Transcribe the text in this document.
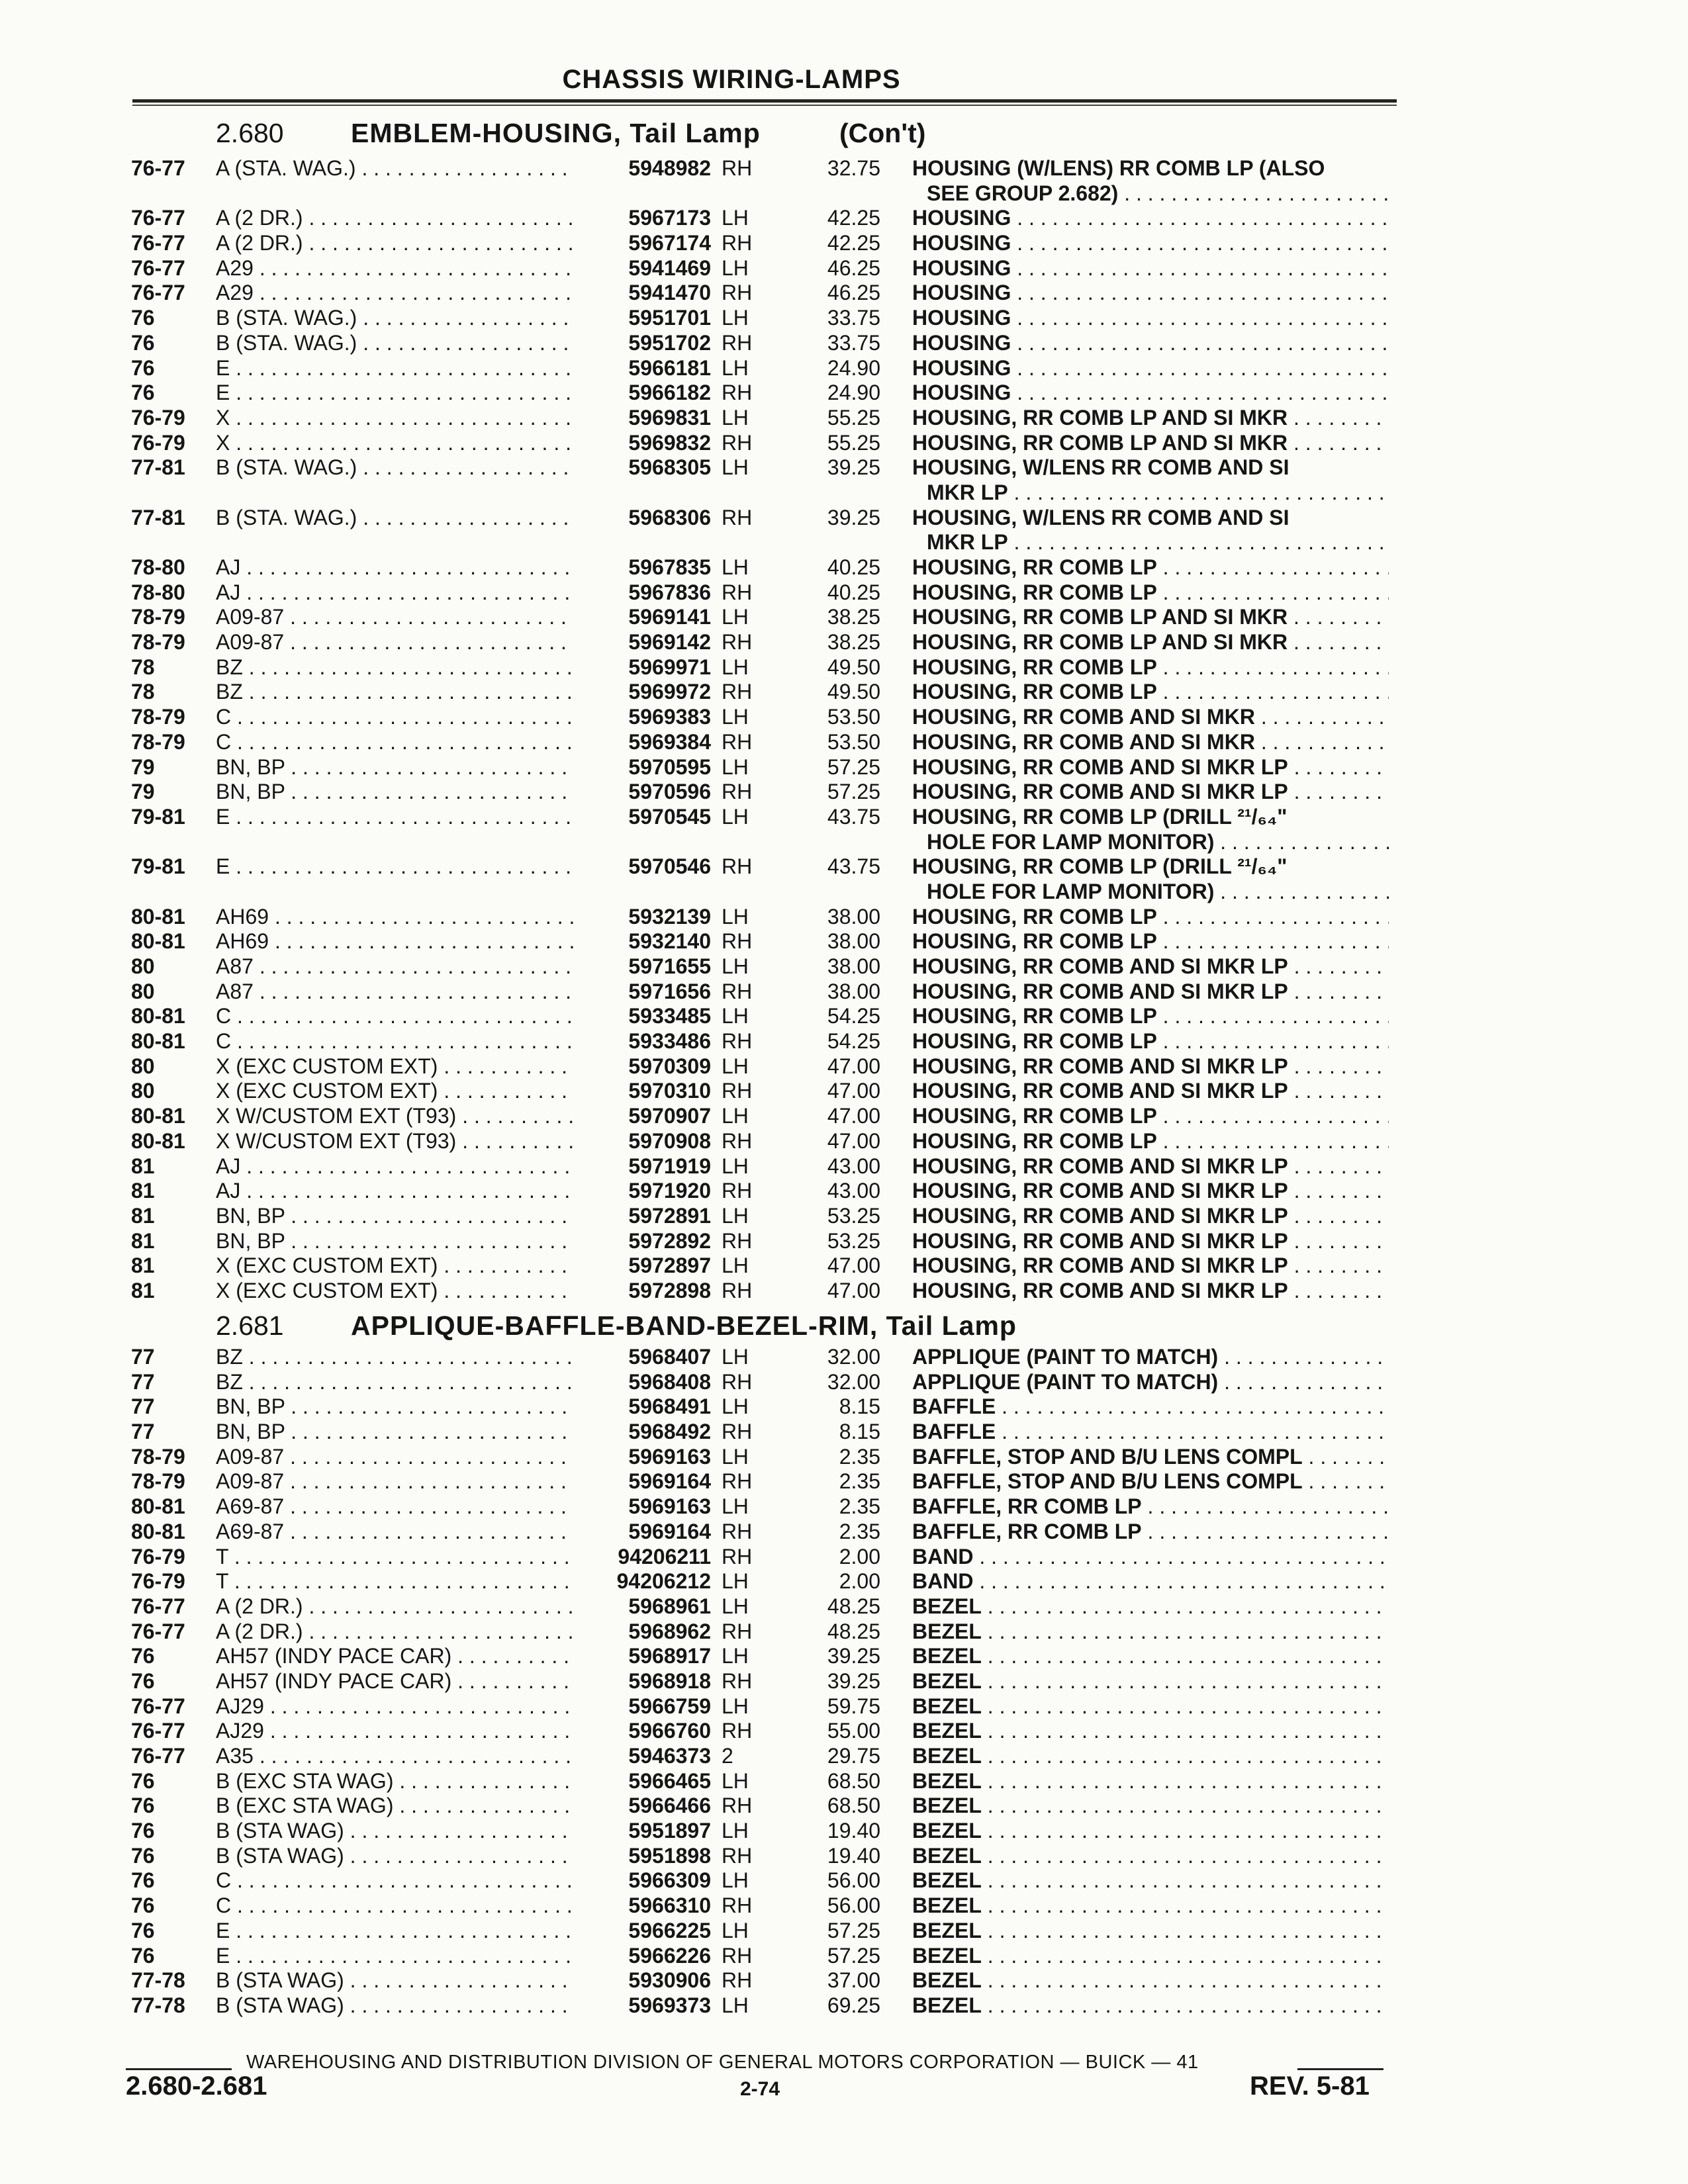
CHASSIS WIRING-LAMPS
2.680 EMBLEM-HOUSING, Tail Lamp	(Con't)
76-77 A (STA. WAG.) . . .	5948982 RH	32.75 HOUSING (W/LENS) RR COMB LP (ALSO
SEE GROUP 2.682) . . .
76-77 A (2 DR.) . . .	5967173 LH	42.25 HOUSING . . .
76-77 A (2 DR.) . . .	5967174 RH	42.25 HOUSING . . .
76-77 A29 . . .	5941469 LH	46.25 HOUSING . . .
76-77 A29 . . .	5941470 RH	46.25 HOUSING . . .
76	B (STA. WAG.) . . .	5951701 LH	33.75 HOUSING . . .
76	B (STA. WAG.) . . .	5951702 RH	33.75 HOUSING . . .
76	E . . .	5966181 LH	24.90 HOUSING . . .
76	E . . .	5966182 RH	24.90 HOUSING . . .
76-79 X . . .	5969831 LH	55.25 HOUSING, RR COMB LP AND SI MKR . . .
76-79 X . . .	5969832 RH	55.25 HOUSING, RR COMB LP AND SI MKR . . .
77-81 B (STA. WAG.) . . .	5968305 LH	39.25 HOUSING, W/LENS RR COMB AND SI
MKR LP . . .
77-81 B (STA. WAG.) . . .	5968306 RH	39.25 HOUSING, W/LENS RR COMB AND SI
MKR LP . . .
78-80 AJ . . .	5967835 LH	40.25 HOUSING, RR COMB LP . . .
78-80 AJ . . .	5967836 RH	40.25 HOUSING, RR COMB LP . . .
78-79 A09-87 . . .	5969141 LH	38.25 HOUSING, RR COMB LP AND SI MKR . . .
78-79 A09-87 . . .	5969142 RH	38.25 HOUSING, RR COMB LP AND SI MKR . . .
78	BZ . . .	5969971 LH	49.50 HOUSING, RR COMB LP . . .
78	BZ . . .	5969972 RH	49.50 HOUSING, RR COMB LP . . .
78-79 C . . .	5969383 LH	53.50 HOUSING, RR COMB AND SI MKR . . .
78-79 C . . .	5969384 RH	53.50 HOUSING, RR COMB AND SI MKR . . .
79	BN, BP . . .	5970595 LH	57.25 HOUSING, RR COMB AND SI MKR LP . . .
79	BN, BP . . .	5970596 RH	57.25 HOUSING, RR COMB AND SI MKR LP . . .
79-81 E . . .	5970545 LH	43.75 HOUSING, RR COMB LP (DRILL ²¹/₆₄"
HOLE FOR LAMP MONITOR) . . .
79-81 E . . .	5970546 RH	43.75 HOUSING, RR COMB LP (DRILL ²¹/₆₄"
HOLE FOR LAMP MONITOR) . . .
80-81 AH69 . . .	5932139 LH	38.00 HOUSING, RR COMB LP . . .
80-81 AH69 . . .	5932140 RH	38.00 HOUSING, RR COMB LP . . .
80	A87 . . .	5971655 LH	38.00 HOUSING, RR COMB AND SI MKR LP . . .
80	A87 . . .	5971656 RH	38.00 HOUSING, RR COMB AND SI MKR LP . . .
80-81 C . . .	5933485 LH	54.25 HOUSING, RR COMB LP . . .
80-81 C . . .	5933486 RH	54.25 HOUSING, RR COMB LP . . .
80	X (EXC CUSTOM EXT) . . .	5970309 LH	47.00 HOUSING, RR COMB AND SI MKR LP . . .
80	X (EXC CUSTOM EXT) . . .	5970310 RH	47.00 HOUSING, RR COMB AND SI MKR LP . . .
80-81 X W/CUSTOM EXT (T93) . . .	5970907 LH	47.00 HOUSING, RR COMB LP . . .
80-81 X W/CUSTOM EXT (T93) . . .	5970908 RH	47.00 HOUSING, RR COMB LP . . .
81	AJ . . .	5971919 LH	43.00 HOUSING, RR COMB AND SI MKR LP . . .
81	AJ . . .	5971920 RH	43.00 HOUSING, RR COMB AND SI MKR LP . . .
81	BN, BP . . .	5972891 LH	53.25 HOUSING, RR COMB AND SI MKR LP . . .
81	BN, BP . . .	5972892 RH	53.25 HOUSING, RR COMB AND SI MKR LP . . .
81	X (EXC CUSTOM EXT) . . .	5972897 LH	47.00 HOUSING, RR COMB AND SI MKR LP . . .
81	X (EXC CUSTOM EXT) . . .	5972898 RH	47.00 HOUSING, RR COMB AND SI MKR LP . . .
2.681 APPLIQUE-BAFFLE-BAND-BEZEL-RIM, Tail Lamp
77	BZ . . .	5968407 LH	32.00 APPLIQUE (PAINT TO MATCH) . . .
77	BZ . . .	5968408 RH	32.00 APPLIQUE (PAINT TO MATCH) . . .
77	BN, BP . . .	5968491 LH	8.15 BAFFLE . . .
77	BN, BP . . .	5968492 RH	8.15 BAFFLE . . .
78-79 A09-87 . . .	5969163 LH	2.35 BAFFLE, STOP AND B/U LENS COMPL . . .
78-79 A09-87 . . .	5969164 RH	2.35 BAFFLE, STOP AND B/U LENS COMPL . . .
80-81 A69-87 . . .	5969163 LH	2.35 BAFFLE, RR COMB LP . . .
80-81 A69-87 . . .	5969164 RH	2.35 BAFFLE, RR COMB LP . . .
76-79 T . . .	94206211 RH	2.00 BAND . . .
76-79 T . . .	94206212 LH	2.00 BAND . . .
76-77 A (2 DR.) . . .	5968961 LH	48.25 BEZEL . . .
76-77 A (2 DR.) . . .	5968962 RH	48.25 BEZEL . . .
76	AH57 (INDY PACE CAR) . . .	5968917 LH	39.25 BEZEL . . .
76	AH57 (INDY PACE CAR) . . .	5968918 RH	39.25 BEZEL . . .
76-77 AJ29 . . .	5966759 LH	59.75 BEZEL . . .
76-77 AJ29 . . .	5966760 RH	55.00 BEZEL . . .
76-77 A35 . . .	5946373 2	29.75 BEZEL . . .
76	B (EXC STA WAG) . . .	5966465 LH	68.50 BEZEL . . .
76	B (EXC STA WAG) . . .	5966466 RH	68.50 BEZEL . . .
76	B (STA WAG) . . .	5951897 LH	19.40 BEZEL . . .
76	B (STA WAG) . . .	5951898 RH	19.40 BEZEL . . .
76	C . . .	5966309 LH	56.00 BEZEL . . .
76	C . . .	5966310 RH	56.00 BEZEL . . .
76	E . . .	5966225 LH	57.25 BEZEL . . .
76	E . . .	5966226 RH	57.25 BEZEL . . .
77-78 B (STA WAG) . . .	5930906 RH	37.00 BEZEL . . .
77-78 B (STA WAG) . . .	5969373 LH	69.25 BEZEL . . .
WAREHOUSING AND DISTRIBUTION DIVISION OF GENERAL MOTORS CORPORATION — BUICK — 41
2.680-2.681	2-74	REV. 5-81
